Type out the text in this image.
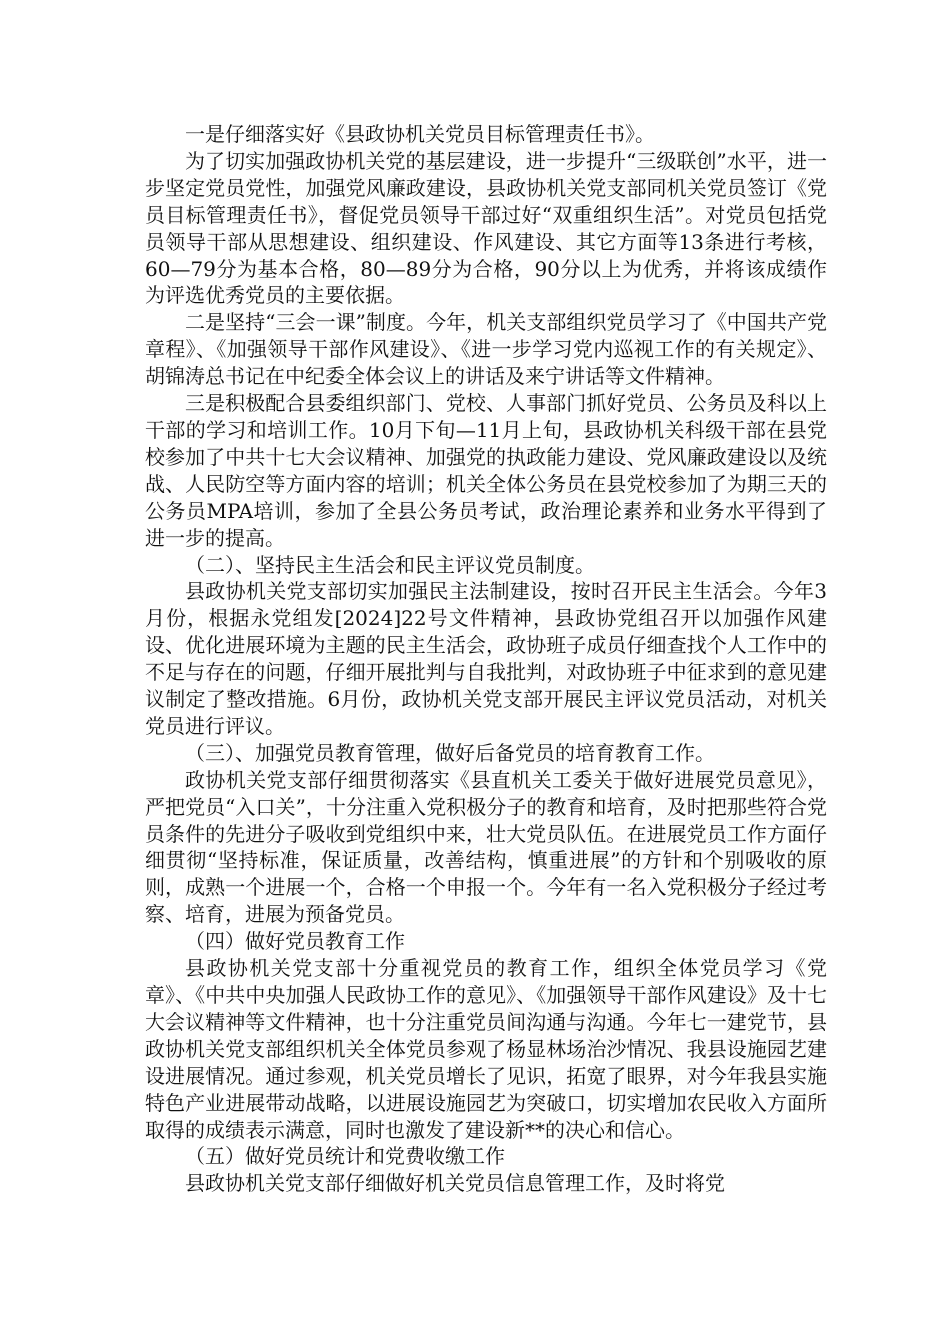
一是仔细落实好《县政协机关党员目标管理责任书》。

为了切实加强政协机关党的基层建设，进一步提升“三级联创”水平，进一步坚定党员党性，加强党风廉政建设，县政协机关党支部同机关党员签订《党员目标管理责任书》，督促党员领导干部过好“双重组织生活”。对党员包括党员领导干部从思想建设、组织建设、作风建设、其它方面等13条进行考核， 60—79分为基本合格，80—89分为合格，90分以上为优秀，并将该成绩作为评选优秀党员的主要依据。

二是坚持“三会一课”制度。今年，机关支部组织党员学习了《中国共产党章程》、《加强领导干部作风建设》、《进一步学习党内巡视工作的有关规定》、胡锦涛总书记在中纪委全体会议上的讲话及来宁讲话等文件精神。

三是积极配合县委组织部门、党校、人事部门抓好党员、公务员及科以上干部的学习和培训工作。10月下旬—11月上旬，县政协机关科级干部在县党校参加了中共十七大会议精神、加强党的执政能力建设、党风廉政建设以及统战、人民防空等方面内容的培训；机关全体公务员在县党校参加了为期三天的公务员MPA培训，参加了全县公务员考试，政治理论素养和业务水平得到了进一步的提高。

（二）、坚持民主生活会和民主评议党员制度。

县政协机关党支部切实加强民主法制建设，按时召开民主生活会。今年3月份，根据永党组发[2024]22号文件精神，县政协党组召开以加强作风建设、优化进展环境为主题的民主生活会，政协班子成员仔细查找个人工作中的不足与存在的问题，仔细开展批判与自我批判，对政协班子中征求到的意见建议制定了整改措施。6月份，政协机关党支部开展民主评议党员活动，对机关党员进行评议。

（三）、加强党员教育管理，做好后备党员的培育教育工作。

政协机关党支部仔细贯彻落实《县直机关工委关于做好进展党员意见》，严把党员“入口关”，十分注重入党积极分子的教育和培育，及时把那些符合党员条件的先进分子吸收到党组织中来，壮大党员队伍。在进展党员工作方面仔细贯彻“坚持标准，保证质量，改善结构，慎重进展”的方针和个别吸收的原则，成熟一个进展一个，合格一个申报一个。今年有一名入党积极分子经过考察、培育，进展为预备党员。

（四）做好党员教育工作

县政协机关党支部十分重视党员的教育工作，组织全体党员学习《党章》、《中共中央加强人民政协工作的意见》、《加强领导干部作风建设》及十七大会议精神等文件精神，也十分注重党员间沟通与沟通。今年七一建党节，县政协机关党支部组织机关全体党员参观了杨显林场治沙情况、我县设施园艺建设进展情况。通过参观，机关党员增长了见识，拓宽了眼界，对今年我县实施特色产业进展带动战略，以进展设施园艺为突破口，切实增加农民收入方面所取得的成绩表示满意，同时也激发了建设新**的决心和信心。

（五）做好党员统计和党费收缴工作

县政协机关党支部仔细做好机关党员信息管理工作，及时将党
